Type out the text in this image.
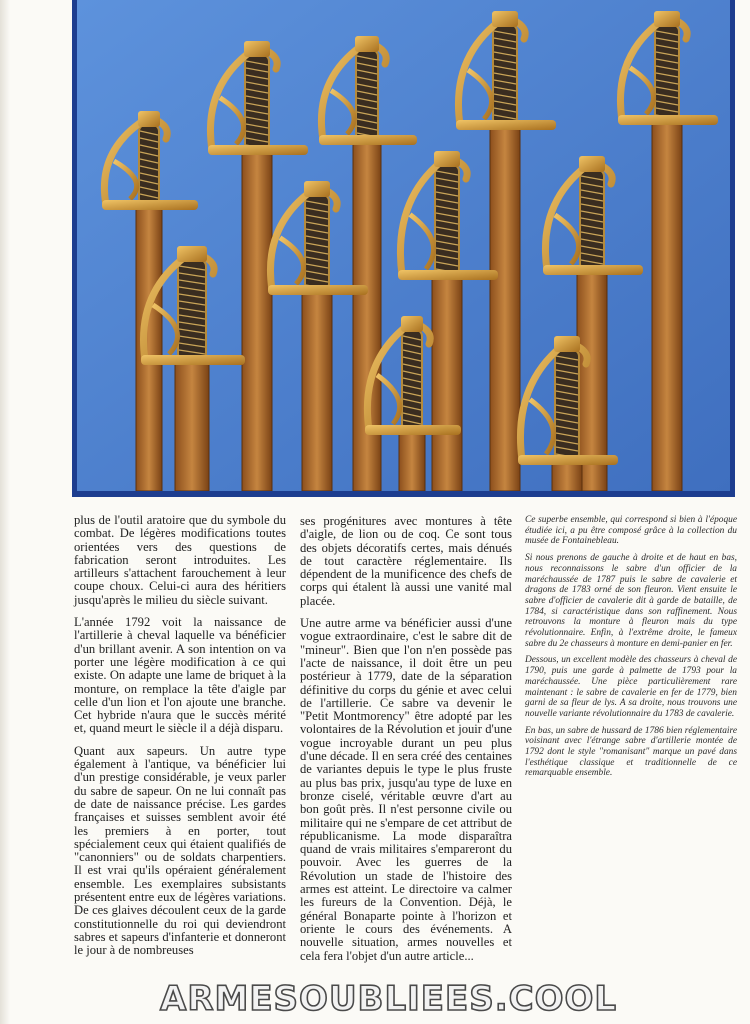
plus de l'outil aratoire que du symbole du combat. De légères modifications toutes orientées vers des questions de fabrication seront introduites. Les artilleurs s'attachent farouchement à leur coupe choux. Celui-ci aura des héritiers jusqu'après le milieu du siècle suivant.

L'année 1792 voit la naissance de l'artillerie à cheval laquelle va bénéficier d'un brillant avenir. A son intention on va porter une légère modification à ce qui existe. On adapte une lame de briquet à la monture, on remplace la tête d'aigle par celle d'un lion et l'on ajoute une branche. Cet hybride n'aura que le succès mérité et, quand meurt le siècle il a déjà disparu.

Quant aux sapeurs. Un autre type également à l'antique, va bénéficier lui d'un prestige considérable, je veux parler du sabre de sapeur. On ne lui connaît pas de date de naissance précise. Les gardes françaises et suisses semblent avoir été les premiers à en porter, tout spécialement ceux qui étaient qualifiés de "canonniers" ou de soldats charpentiers. Il est vrai qu'ils opéraient généralement ensemble. Les exemplaires subsistants présentent entre eux de légères variations. De ces glaives découlent ceux de la garde constitutionnelle du roi qui deviendront sabres et sapeurs d'infanterie et donneront le jour à de nombreuses

ses progénitures avec montures à tête d'aigle, de lion ou de coq. Ce sont tous des objets décoratifs certes, mais dénués de tout caractère réglementaire. Ils dépendent de la munificence des chefs de corps qui étalent là aussi une vanité mal placée.

Une autre arme va bénéficier aussi d'une vogue extraordinaire, c'est le sabre dit de "mineur". Bien que l'on n'en possède pas l'acte de naissance, il doit être un peu postérieur à 1779, date de la séparation définitive du corps du génie et avec celui de l'artillerie. Ce sabre va devenir le "Petit Montmorency" être adopté par les volontaires de la Révolution et jouir d'une vogue incroyable durant un peu plus d'une décade. Il en sera créé des centaines de variantes depuis le type le plus fruste au plus bas prix, jusqu'au type de luxe en bronze ciselé, véritable œuvre d'art au bon goût près. Il n'est personne civile ou militaire qui ne s'empare de cet attribut de républicanisme. La mode disparaîtra quand de vrais militaires s'empareront du pouvoir. Avec les guerres de la Révolution un stade de l'histoire des armes est atteint. Le directoire va calmer les fureurs de la Convention. Déjà, le général Bonaparte pointe à l'horizon et oriente le cours des événements. A nouvelle situation, armes nouvelles et cela fera l'objet d'un autre article...

Ce superbe ensemble, qui correspond si bien à l'époque étudiée ici, a pu être composé grâce à la collection du musée de Fontainebleau.

Si nous prenons de gauche à droite et de haut en bas, nous reconnaissons le sabre d'un officier de la maréchaussée de 1787 puis le sabre de cavalerie et dragons de 1783 orné de son fleuron. Vient ensuite le sabre d'officier de cavalerie dit à garde de bataille, de 1784, si caractéristique dans son raffinement. Nous retrouvons la monture à fleuron mais du type révolutionnaire. Enfin, à l'extrême droite, le fameux sabre du 2e chasseurs à monture en demi-panier en fer.

Dessous, un excellent modèle des chasseurs à cheval de 1790, puis une garde à palmette de 1793 pour la maréchaussée. Une pièce particulièrement rare maintenant : le sabre de cavalerie en fer de 1779, bien garni de sa fleur de lys. A sa droite, nous trouvons une nouvelle variante révolutionnaire du 1783 de cavalerie.

En bas, un sabre de hussard de 1786 bien réglementaire voisinant avec l'étrange sabre d'artillerie montée de 1792 dont le style "romanisant" marque un pavé dans l'esthétique classique et traditionnelle de ce remarquable ensemble.

ARMESOUBLIEES.COOL
